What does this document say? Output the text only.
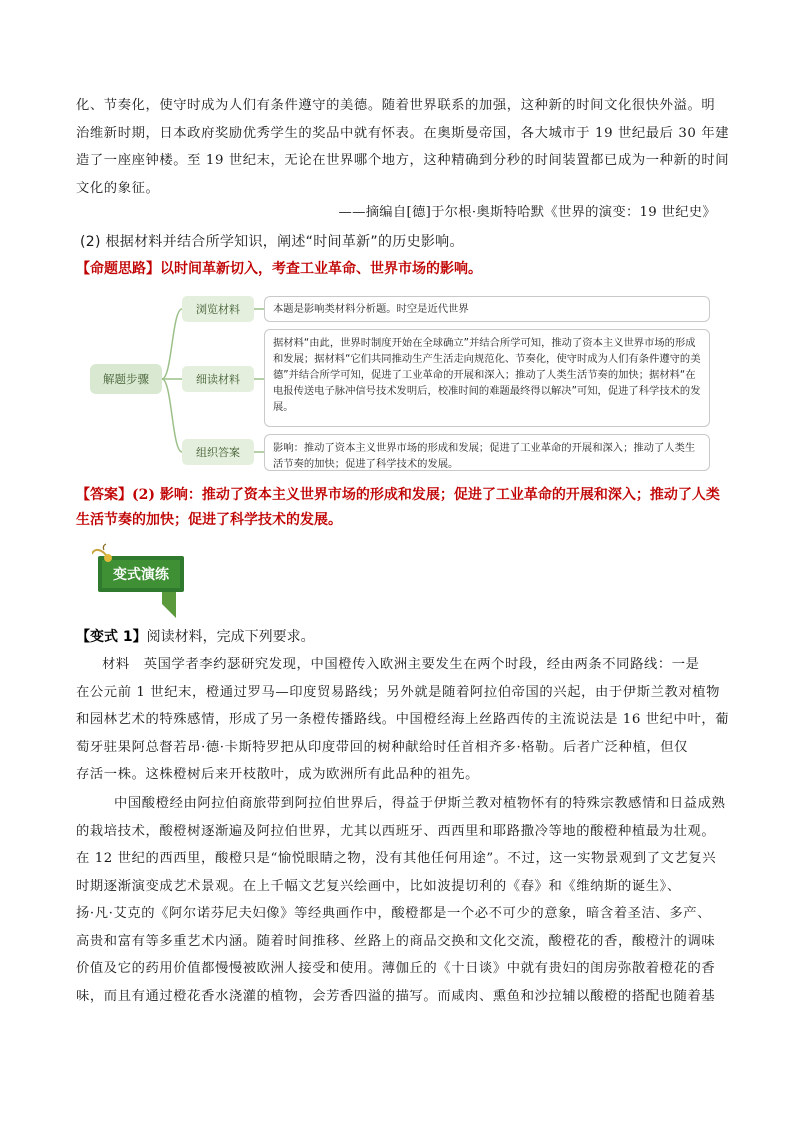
化、节奏化，使守时成为人们有条件遵守的美德。随着世界联系的加强，这种新的时间文化很快外溢。明
治维新时期，日本政府奖励优秀学生的奖品中就有怀表。在奥斯曼帝国，各大城市于 19 世纪最后 30 年建
造了一座座钟楼。至 19 世纪末，无论在世界哪个地方，这种精确到分秒的时间装置都已成为一种新的时间
文化的象征。
——摘编自[德]于尔根·奥斯特哈默《世界的演变：19 世纪史》
(2) 根据材料并结合所学知识，阐述“时间革新”的历史影响。
【命题思路】以时间革新切入，考查工业革命、世界市场的影响。
解题步骤
浏览材料	本题是影响类材料分析题。时空是近代世界
细读材料
据材料“由此，世界时制度开始在全球确立”并结合所学可知，推动了资本主义世界市场的形成和发展；据材料“它们共同推动生产生活走向规范化、节奏化，使守时成为人们有条件遵守的美德”并结合所学可知，促进了工业革命的开展和深入；推动了人类生活节奏的加快；据材料“在电报传送电子脉冲信号技术发明后，校准时间的难题最终得以解决”可知，促进了科学技术的发展。
组织答案	影响：推动了资本主义世界市场的形成和发展；促进了工业革命的开展和深入；推动了人类生活节奏的加快；促进了科学技术的发展。
【答案】(2) 影响：推动了资本主义世界市场的形成和发展；促进了工业革命的开展和深入；推动了人类
生活节奏的加快；促进了科学技术的发展。
变式演练
【变式 1】阅读材料，完成下列要求。
材料　英国学者李约瑟研究发现，中国橙传入欧洲主要发生在两个时段，经由两条不同路线：一是
在公元前 1 世纪末，橙通过罗马—印度贸易路线；另外就是随着阿拉伯帝国的兴起，由于伊斯兰教对植物
和园林艺术的特殊感情，形成了另一条橙传播路线。中国橙经海上丝路西传的主流说法是 16 世纪中叶，葡
萄牙驻果阿总督若昂·德·卡斯特罗把从印度带回的树种献给时任首相齐多·格勒。后者广泛种植，但仅
存活一株。这株橙树后来开枝散叶，成为欧洲所有此品种的祖先。
中国酸橙经由阿拉伯商旅带到阿拉伯世界后，得益于伊斯兰教对植物怀有的特殊宗教感情和日益成熟
的栽培技术，酸橙树逐渐遍及阿拉伯世界，尤其以西班牙、西西里和耶路撒冷等地的酸橙种植最为壮观。
在 12 世纪的西西里，酸橙只是“愉悦眼睛之物，没有其他任何用途”。不过，这一实物景观到了文艺复兴
时期逐渐演变成艺术景观。在上千幅文艺复兴绘画中，比如波提切利的《春》和《维纳斯的诞生》、
扬·凡·艾克的《阿尔诺芬尼夫妇像》等经典画作中，酸橙都是一个必不可少的意象，暗含着圣洁、多产、
高贵和富有等多重艺术内涵。随着时间推移、丝路上的商品交换和文化交流，酸橙花的香，酸橙汁的调味
价值及它的药用价值都慢慢被欧洲人接受和使用。薄伽丘的《十日谈》中就有贵妇的闺房弥散着橙花的香
味，而且有通过橙花香水浇灌的植物，会芳香四溢的描写。而咸肉、熏鱼和沙拉辅以酸橙的搭配也随着基
